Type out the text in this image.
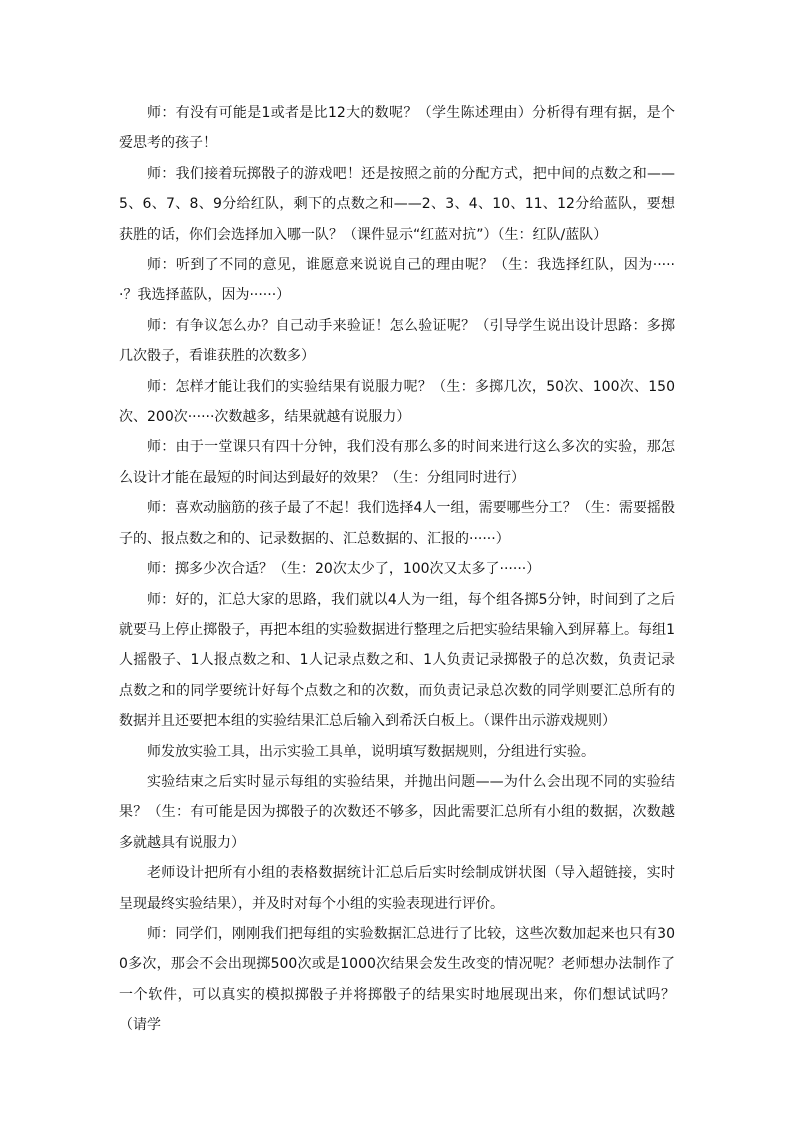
师：有没有可能是1或者是比12大的数呢？（学生陈述理由）分析得有理有据，是个爱思考的孩子！

师：我们接着玩掷骰子的游戏吧！还是按照之前的分配方式，把中间的点数之和——5、6、7、8、9分给红队，剩下的点数之和——2、3、4、10、11、12分给蓝队，要想获胜的话，你们会选择加入哪一队？（课件显示“红蓝对抗”）（生：红队/蓝队）

师：听到了不同的意见，谁愿意来说说自己的理由呢？（生：我选择红队，因为······？我选择蓝队，因为······）

师：有争议怎么办？自己动手来验证！怎么验证呢？（引导学生说出设计思路：多掷几次骰子，看谁获胜的次数多）

师：怎样才能让我们的实验结果有说服力呢？（生：多掷几次，50次、100次、150次、200次······次数越多，结果就越有说服力）

师：由于一堂课只有四十分钟，我们没有那么多的时间来进行这么多次的实验，那怎么设计才能在最短的时间达到最好的效果？（生：分组同时进行）

师：喜欢动脑筋的孩子最了不起！我们选择4人一组，需要哪些分工？（生：需要摇骰子的、报点数之和的、记录数据的、汇总数据的、汇报的······）

师：掷多少次合适？（生：20次太少了，100次又太多了······）

师：好的，汇总大家的思路，我们就以4人为一组，每个组各掷5分钟，时间到了之后就要马上停止掷骰子，再把本组的实验数据进行整理之后把实验结果输入到屏幕上。每组1人摇骰子、1人报点数之和、1人记录点数之和、1人负责记录掷骰子的总次数，负责记录点数之和的同学要统计好每个点数之和的次数，而负责记录总次数的同学则要汇总所有的数据并且还要把本组的实验结果汇总后输入到希沃白板上。（课件出示游戏规则）

师发放实验工具，出示实验工具单，说明填写数据规则，分组进行实验。

实验结束之后实时显示每组的实验结果，并抛出问题——为什么会出现不同的实验结果？（生：有可能是因为掷骰子的次数还不够多，因此需要汇总所有小组的数据，次数越多就越具有说服力）

老师设计把所有小组的表格数据统计汇总后后实时绘制成饼状图（导入超链接，实时呈现最终实验结果），并及时对每个小组的实验表现进行评价。

师：同学们，刚刚我们把每组的实验数据汇总进行了比较，这些次数加起来也只有300多次，那会不会出现掷500次或是1000次结果会发生改变的情况呢？老师想办法制作了一个软件，可以真实的模拟掷骰子并将掷骰子的结果实时地展现出来，你们想试试吗？（请学
